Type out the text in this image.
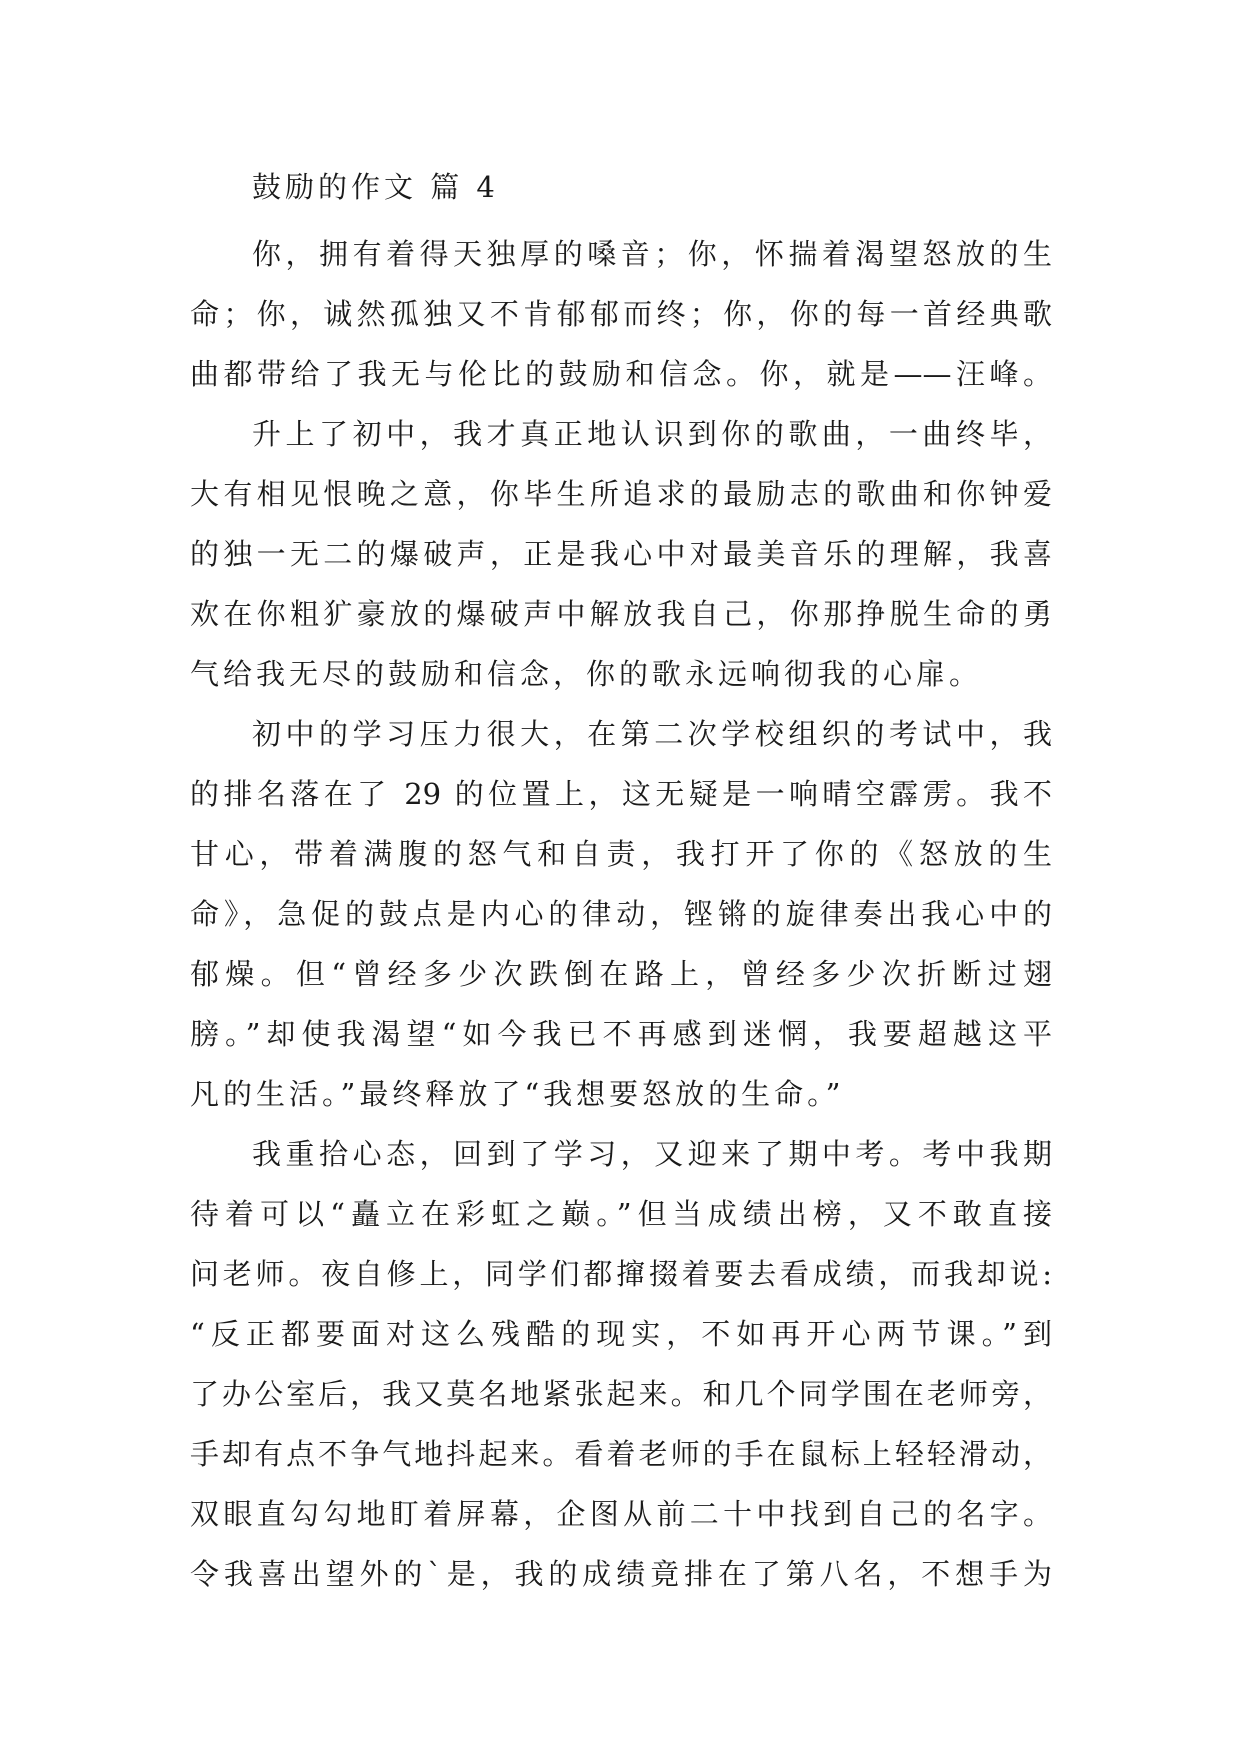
鼓励的作文 篇 4
你，拥有着得天独厚的嗓音；你，怀揣着渴望怒放的生
命；你，诚然孤独又不肯郁郁而终；你，你的每一首经典歌
曲都带给了我无与伦比的鼓励和信念。你，就是——汪峰。
升上了初中，我才真正地认识到你的歌曲，一曲终毕，
大有相见恨晚之意，你毕生所追求的最励志的歌曲和你钟爱
的独一无二的爆破声，正是我心中对最美音乐的理解，我喜
欢在你粗犷豪放的爆破声中解放我自己，你那挣脱生命的勇
气给我无尽的鼓励和信念，你的歌永远响彻我的心扉。
初中的学习压力很大，在第二次学校组织的考试中，我
的排名落在了 29 的位置上，这无疑是一响晴空霹雳。我不
甘心，带着满腹的怒气和自责，我打开了你的《怒放的生
命》，急促的鼓点是内心的律动，铿锵的旋律奏出我心中的
郁燥。但“曾经多少次跌倒在路上，曾经多少次折断过翅
膀。”却使我渴望“如今我已不再感到迷惘，我要超越这平
凡的生活。”最终释放了“我想要怒放的生命。”
我重拾心态，回到了学习，又迎来了期中考。考中我期
待着可以“矗立在彩虹之巅。”但当成绩出榜，又不敢直接
问老师。夜自修上，同学们都撺掇着要去看成绩，而我却说:
“反正都要面对这么残酷的现实，不如再开心两节课。”到
了办公室后，我又莫名地紧张起来。和几个同学围在老师旁，
手却有点不争气地抖起来。看着老师的手在鼠标上轻轻滑动，
双眼直勾勾地盯着屏幕，企图从前二十中找到自己的名字。
令我喜出望外的`是，我的成绩竟排在了第八名，不想手为
